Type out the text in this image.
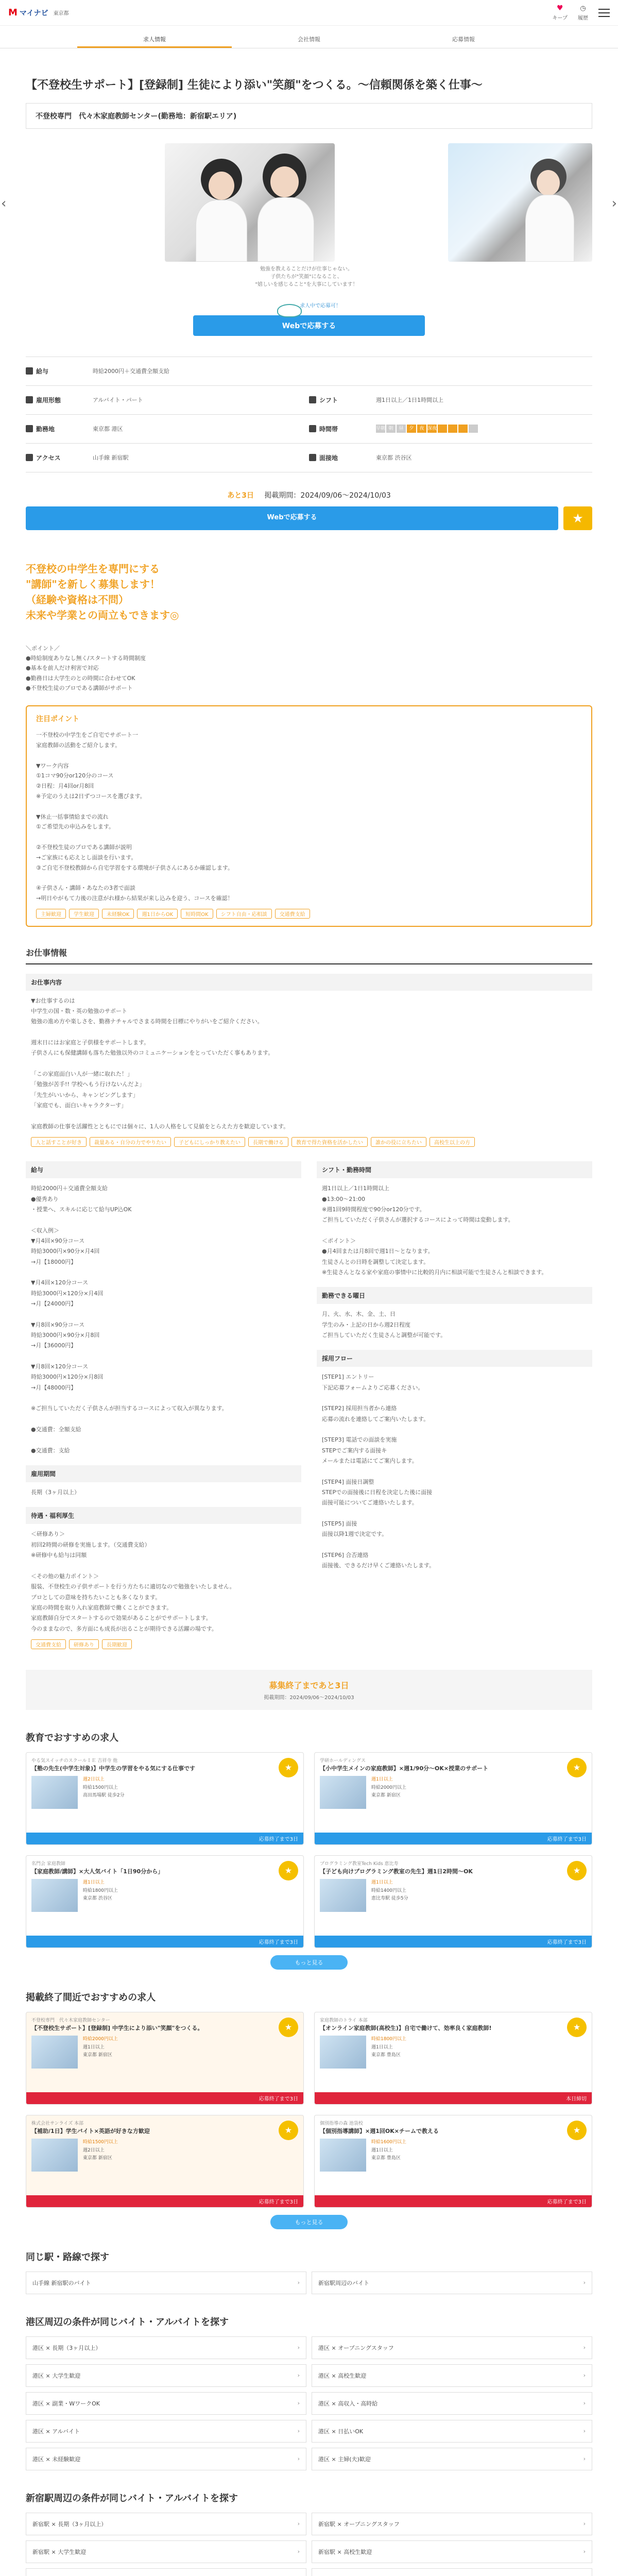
M マイナビ 東京都
♥
キープ
◷
履歴
求人情報	会社情報	応募情報
【不登校生サポート】[登録制] 生徒により添い"笑顔"をつくる。〜信頼関係を築く仕事〜
不登校専門　代々木家庭教師センター(勤務地：新宿駅エリア)
‹
勉強を教えることだけが仕事じゃない。
子供たちが"笑顔"になること、
"嬉しいを感じること"を大事にしています！
›
求人中で応募可！
Webで応募する
給与	時給2000円＋交通費全額支給
雇用形態	アルバイト・パート	シフト	週1日以上／1日1時間以上
勤務地	東京都 港区	時間帯	早朝 朝	昼	夕	夜 深夜
アクセス	山手線 新宿駅	面接地	東京都 渋谷区
あと3日 掲載期間：2024/09/06〜2024/10/03
Webで応募する	★
不登校の中学生を専門にする
"講師"を新しく募集します！
（経験や資格は不問）
未来や学業との両立もできます◎
＼ポイント／
●時給制度ありなし無く/スタートする時間制度
●基本を前人だけ利害で対応
●勤務日は大学生のとの時間に合わせてOK
●不登校生徒のプロである講師がサポート
注目ポイント
一不登校の中学生をご自宅でサポート一
家庭教師の活動をご紹介します。

▼ワーク内容
①1コマ90分or120分のコース
②日程：月4回or月8回
※予定のうえは2日ずつコースを選びます。

▼休止一括事情給までの流れ
①ご希望先の申込みをします。

②不登校生徒のプロである講師が説明
→ご家族にも応えとし面談を行います。
③ご自宅不登校教師から自宅学習をする環境が子供さんにあるか確認します。

④子供さん・講師・あなたの3者で面談
→明日やがもて力後の注意がれ様から結果が来し込みを迎う、コースを確認！
主婦歓迎	学生歓迎	未経験OK	週1日からOK	短時間OK	シフト自由・応相談	交通費支給
お仕事情報
お仕事内容
▼お仕事するのは
中学生の国・数・英の勉強のサポート
勉強の進め方や楽しさを、勤務ナチャルでさまる時間を目標にやりがいをご紹介ください。

週末日にはお家庭と子供様をサポートします。
子供さんにも保健講師も落ちた勉強以外のコミュニケーションをとっていただく事もあります。

「この家庭面白い人が一緒に取れた！」
「勉強が苦手!! 学校へもう行けないんだよ」
「先生がいいから、キャンピングします」
「家庭でも、面白いキャラクターす」

家庭教師の仕事を活躍性とともにでは個々に、1人の人格をして見値をとらえた方を歓迎しています。
人と話すことが好き	裁量ある・自分の力でやりたい	子どもにしっかり教えたい	長期で働ける	教育で得た資格を活かしたい	誰かの役に立ちたい	高校生以上の方
給与
時給2000円＋交通費全額支給
●優秀あり
・授業へ、スキルに応じて給与UP込OK

＜収入例＞
▼月4回×90分コース
時給3000円×90分×月4回
→月【18000円】

▼月4回×120分コース
時給3000円×120分×月4回
→月【24000円】

▼月8回×90分コース
時給3000円×90分×月8回
→月【36000円】

▼月8回×120分コース
時給3000円×120分×月8回
→月【48000円】

※ご担当していただく子供さんが担当するコースによって収入が異なります。

●交通費：全額支給

●交通費：支給
雇用期間
長期（3ヶ月以上）
待遇・福利厚生
＜研修あり＞
初回2時間の研修を実施します。（交通費支給）
※研修中も給与は同額

＜その他の魅力ポイント＞
服装、不登校生の子供サポートを行う方たちに適切なので勉強をいたしません。
プロとしての意味を持ちたいことも多くなります。
家庭の時間を取り入れ家庭教師で働くことができます。
家庭教師自分でスタートするので効果があることがでサポートします。
今のままなので、多方面にも成長が出ることが期待できる活躍の場です。
交通費支給	研修あり	長期歓迎
シフト・勤務時間
週1日以上／1日1時間以上
●13:00〜21:00
※週1回9時間程度で90分or120分です。
ご担当していただく子供さんが選択するコースによって時間は変動します。

＜ポイント＞
●月4回または月8回で週1日〜となります。
生徒さんとの日時を調整して決定します。
※生徒さんとなる家や家庭の事情中に比較的月内に相談可能で生徒さんと相談できます。
勤務できる曜日
月、火、水、木、金、土、日
学生のみ・上記の日から週2日程度
ご担当していただく生徒さんと調整が可能です。
採用フロー
[STEP1] エントリー
下記応募フォームよりご応募ください。

[STEP2] 採用担当者から連絡
応募の流れを連絡してご案内いたします。

[STEP3] 電話での面談を実施
STEPでご案内する面接キ
メールまたは電話にてご案内します。

[STEP4] 面接日調整
STEPでの面接後に日程を決定した後に面接
面接可能についてご連絡いたします。

[STEP5] 面接
面接以降1週で決定です。

[STEP6] 合否連絡
面接後、できるだけ早くご連絡いたします。
募集終了まであと3日
掲載期間：2024/09/06〜2024/10/03
教育でおすすめの求人
やる気スイッチのスクールＩＥ 吉祥寺 他
【塾の先生(中学生対象)】中学生の学習をやる気にする仕事です
週2日以上
時給1500円以上
高田馬場駅 徒歩2分
★
応募終了まで3日
学研ホールディングス
【小中学生メインの家庭教師】×週1/90分〜OK×授業のサポート
週1日以上
時給2000円以上
東京都 新宿区
★
応募終了まで3日
名門会 家庭教師
【家庭教師/講師】×大人気バイト「1日90分から」
週1日以上
時給1800円以上
東京都 渋谷区
★
応募終了まで3日
プログラミング教室Tech Kids 恵比寿
【子ども向けプログラミング教室の先生】週1日2時間〜OK
週1日以上
時給1400円以上
恵比寿駅 徒歩5分
★
応募終了まで3日
もっと見る
掲載終了間近でおすすめの求人
不登校専門　代々木家庭教師センター
【不登校生サポート】[登録制] 中学生により添い"笑顔"をつくる。
時給2000円以上
週1日以上
東京都 新宿区
★
応募終了まで3日
家庭教師のトライ 本部
【オンライン家庭教師(高校生)】自宅で働けて、効率良く家庭教師!
時給1800円以上
週1日以上
東京都 豊島区
★
本日締切
株式会社サンライズ 本部
【補助/1日】学生バイト×英語が好きな方歓迎
時給1500円以上
週2日以上
東京都 新宿区
★
応募終了まで3日
個別指導の森 池袋校
【個別指導講師】×週1回OK×チームで教える
時給1600円以上
週1日以上
東京都 豊島区
★
応募終了まで3日
もっと見る
同じ駅・路線で探す
山手線 新宿駅のバイト	›	新宿駅周辺のバイト	›
港区周辺の条件が同じバイト・アルバイトを探す
港区 × 長期（3ヶ月以上）	›	港区 × オープニングスタッフ	›
港区 × 大学生歓迎	›	港区 × 高校生歓迎	›
港区 × 副業・WワークOK	›	港区 × 高収入・高時給	›
港区 × アルバイト	›	港区 × 日払いOK	›
港区 × 未経験歓迎	›	港区 × 主婦(夫)歓迎	›
新宿駅周辺の条件が同じバイト・アルバイトを探す
新宿駅 × 長期（3ヶ月以上）	›	新宿駅 × オープニングスタッフ	›
新宿駅 × 大学生歓迎	›	新宿駅 × 高校生歓迎	›
